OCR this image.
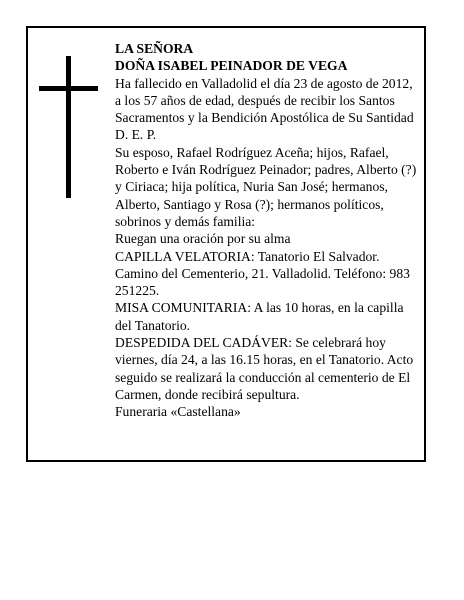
LA SEÑORA

DOÑA ISABEL PEINADOR DE VEGA

Ha fallecido en Valladolid el día 23 de agosto de 2012, a los 57 años de edad, después de recibir los Santos Sacramentos y la Bendición Apostólica de Su Santidad D. E. P.

Su esposo, Rafael Rodríguez Aceña; hijos, Rafael, Roberto e Iván Rodríguez Peinador; padres, Alberto (?) y Ciriaca; hija política, Nuria San José; hermanos, Alberto, Santiago y Rosa (?); hermanos políticos, sobrinos y demás familia:

Ruegan una oración por su alma

CAPILLA VELATORIA: Tanatorio El Salvador. Camino del Cementerio, 21. Valladolid. Teléfono: 983 251225.

MISA COMUNITARIA: A las 10 horas, en la capilla del Tanatorio.

DESPEDIDA DEL CADÁVER: Se celebrará hoy viernes, día 24, a las 16.15 horas, en el Tanatorio. Acto seguido se realizará la conducción al cementerio de El Carmen, donde recibirá sepultura.

Funeraria «Castellana»
